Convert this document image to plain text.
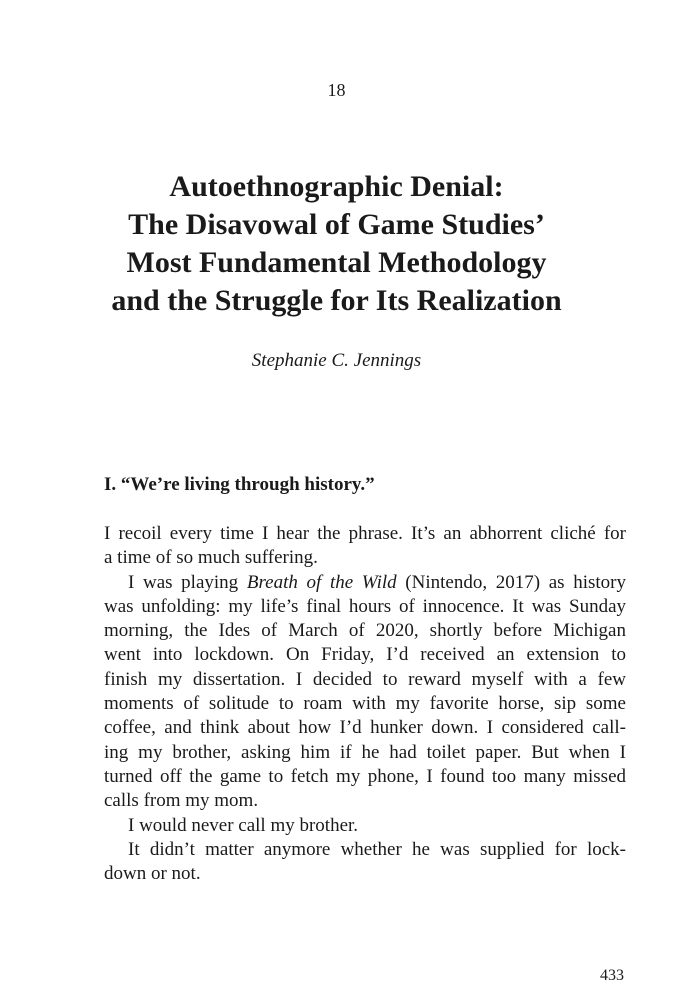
18
Autoethnographic Denial:
The Disavowal of Game Studies’
Most Fundamental Methodology
and the Struggle for Its Realization
Stephanie C. Jennings
I. “We’re living through history.”
I recoil every time I hear the phrase. It’s an abhorrent cliché for
a time of so much suffering.
I was playing Breath of the Wild (Nintendo, 2017) as history
was unfolding: my life’s final hours of innocence. It was Sunday
morning, the Ides of March of 2020, shortly before Michigan
went into lockdown. On Friday, I’d received an extension to
finish my dissertation. I decided to reward myself with a few
moments of solitude to roam with my favorite horse, sip some
coffee, and think about how I’d hunker down. I considered call-
ing my brother, asking him if he had toilet paper. But when I
turned off the game to fetch my phone, I found too many missed
calls from my mom.
I would never call my brother.
It didn’t matter anymore whether he was supplied for lock-
down or not.
433
